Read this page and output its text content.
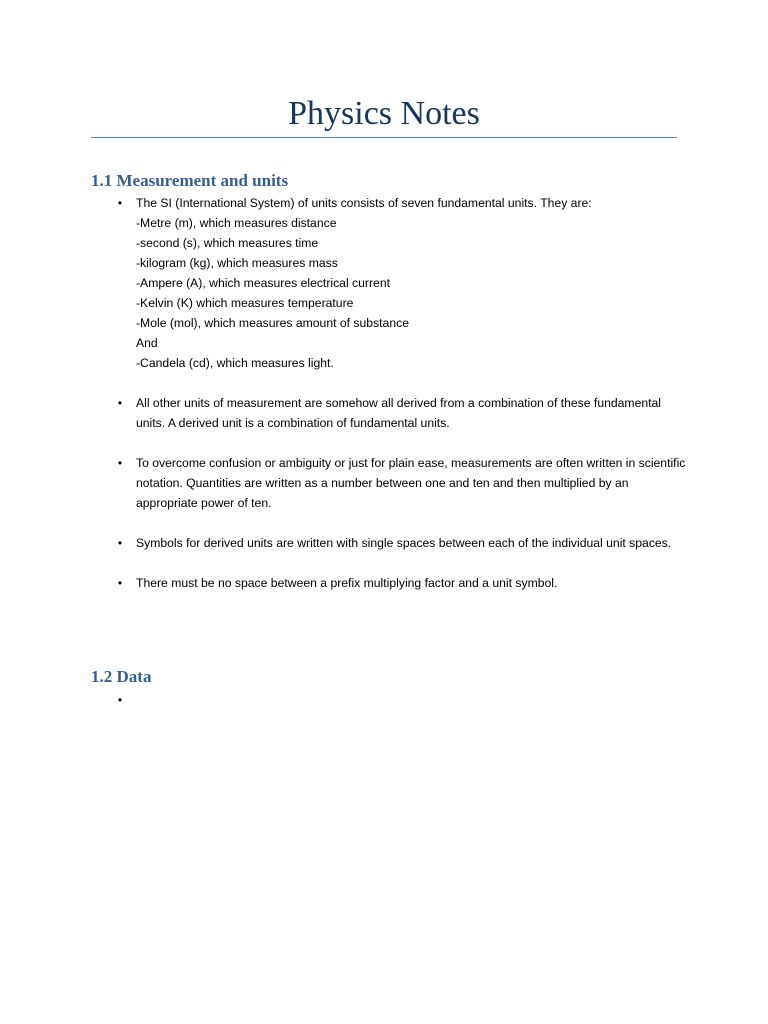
Physics Notes
1.1 Measurement and units
• The SI (International System) of units consists of seven fundamental units. They are:
-Metre (m), which measures distance
-second (s), which measures time
-kilogram (kg), which measures mass
-Ampere (A), which measures electrical current
-Kelvin (K) which measures temperature
-Mole (mol), which measures amount of substance
And
-Candela (cd), which measures light.
• All other units of measurement are somehow all derived from a combination of these fundamental units. A derived unit is a combination of fundamental units.
• To overcome confusion or ambiguity or just for plain ease, measurements are often written in scientific notation. Quantities are written as a number between one and ten and then multiplied by an appropriate power of ten.
• Symbols for derived units are written with single spaces between each of the individual unit spaces.
• There must be no space between a prefix multiplying factor and a unit symbol.
1.2 Data
•
